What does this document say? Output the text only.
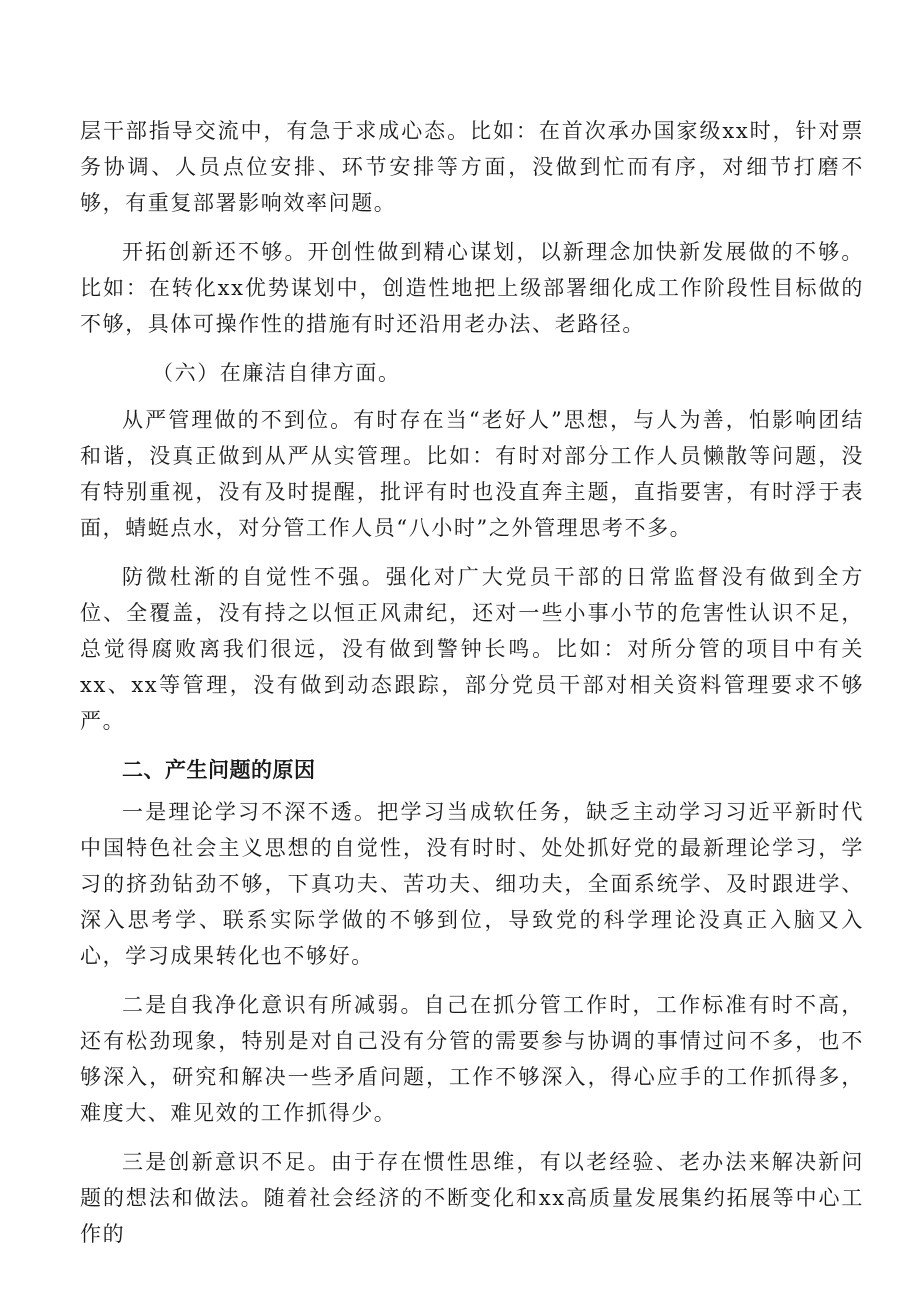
层干部指导交流中，有急于求成心态。比如：在首次承办国家级xx时，针对票务协调、人员点位安排、环节安排等方面，没做到忙而有序，对细节打磨不够，有重复部署影响效率问题。

开拓创新还不够。开创性做到精心谋划，以新理念加快新发展做的不够。比如：在转化xx优势谋划中，创造性地把上级部署细化成工作阶段性目标做的不够，具体可操作性的措施有时还沿用老办法、老路径。

（六）在廉洁自律方面。

从严管理做的不到位。有时存在当“老好人”思想，与人为善，怕影响团结和谐，没真正做到从严从实管理。比如：有时对部分工作人员懒散等问题，没有特别重视，没有及时提醒，批评有时也没直奔主题，直指要害，有时浮于表面，蜻蜓点水，对分管工作人员“八小时”之外管理思考不多。

防微杜渐的自觉性不强。强化对广大党员干部的日常监督没有做到全方位、全覆盖，没有持之以恒正风肃纪，还对一些小事小节的危害性认识不足，总觉得腐败离我们很远，没有做到警钟长鸣。比如：对所分管的项目中有关xx、xx等管理，没有做到动态跟踪，部分党员干部对相关资料管理要求不够严。

二、产生问题的原因

一是理论学习不深不透。把学习当成软任务，缺乏主动学习习近平新时代中国特色社会主义思想的自觉性，没有时时、处处抓好党的最新理论学习，学习的挤劲钻劲不够，下真功夫、苦功夫、细功夫，全面系统学、及时跟进学、深入思考学、联系实际学做的不够到位，导致党的科学理论没真正入脑又入心，学习成果转化也不够好。

二是自我净化意识有所减弱。自己在抓分管工作时，工作标准有时不高，还有松劲现象，特别是对自己没有分管的需要参与协调的事情过问不多，也不够深入，研究和解决一些矛盾问题，工作不够深入，得心应手的工作抓得多，难度大、难见效的工作抓得少。

三是创新意识不足。由于存在惯性思维，有以老经验、老办法来解决新问题的想法和做法。随着社会经济的不断变化和xx高质量发展集约拓展等中心工作的
